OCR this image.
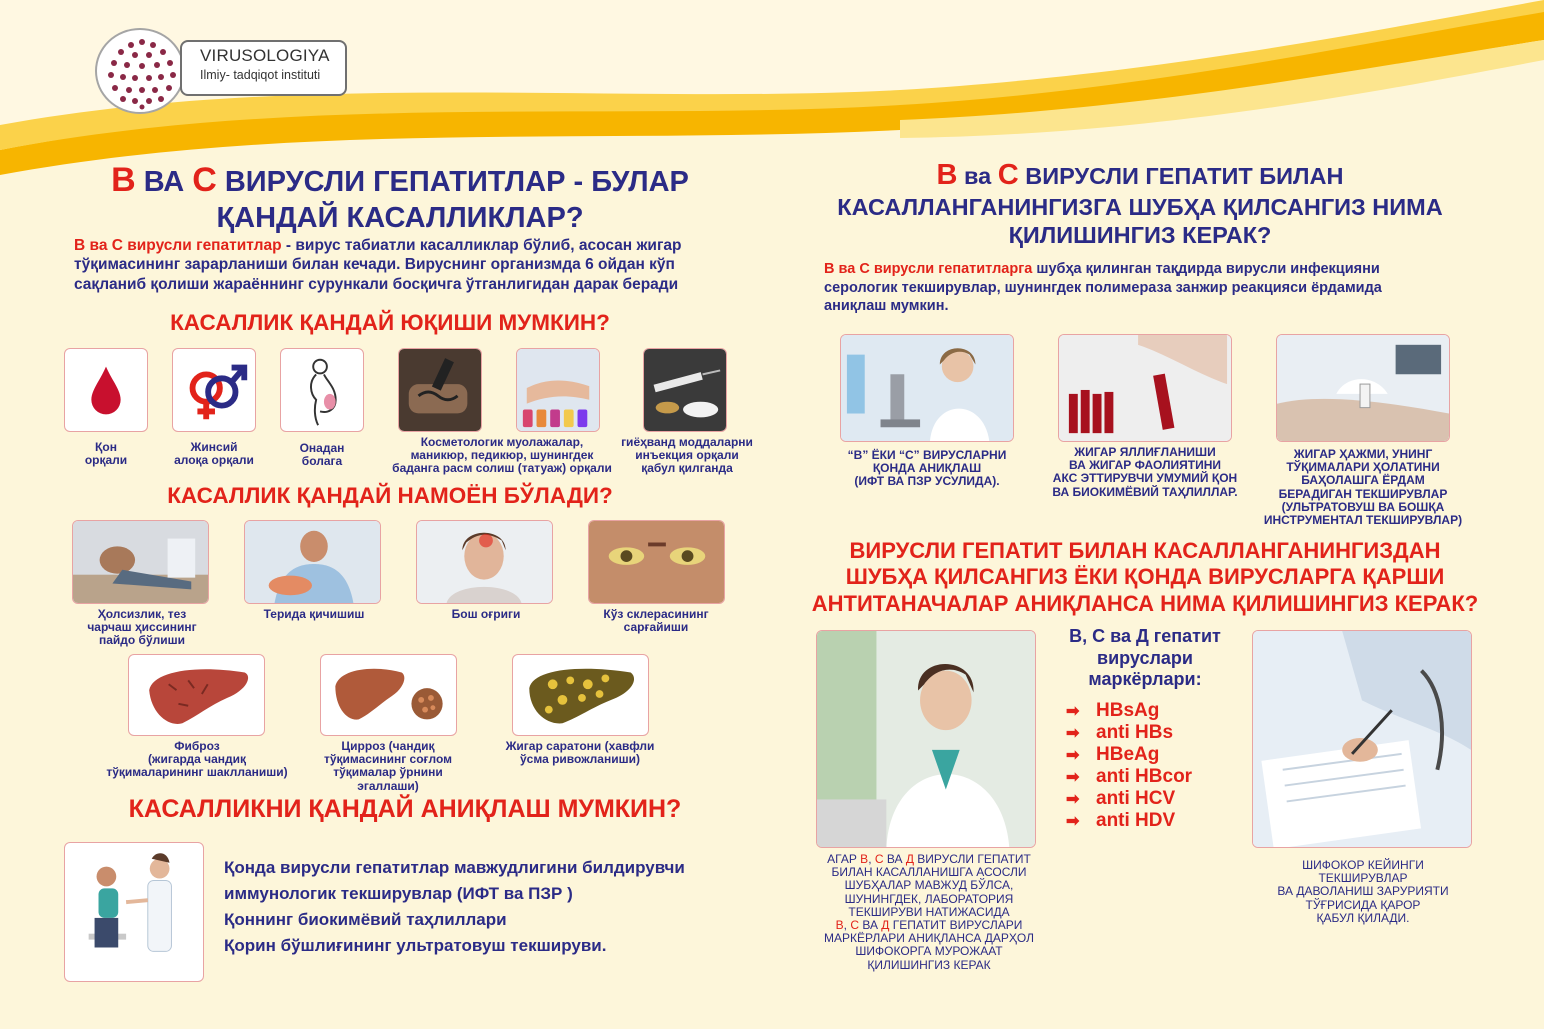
VIRUSOLOGIYA
Ilmiy- tadqiqot instituti
В ВА С ВИРУСЛИ ГЕПАТИТЛАР - БУЛАР
ҚАНДАЙ КАСАЛЛИКЛАР?
В ва С вирусли гепатитлар - вирус табиатли касалликлар бўлиб, асосан жигар
тўқимасининг зарарланиши билан кечади. Вируснинг организмда 6 ойдан кўп
сақланиб қолиши жараённинг сурункали босқичга ўтганлигидан дарак беради
КАСАЛЛИК ҚАНДАЙ ЮҚИШИ МУМКИН?
Қон
орқали
Жинсий
алоқа орқали
Онадан
болага
Косметологик муолажалар,
маникюр, педикюр, шунингдек
баданга расм солиш (татуаж) орқали
гиёҳванд моддаларни
инъекция орқали
қабул қилганда
КАСАЛЛИК ҚАНДАЙ НАМОЁН БЎЛАДИ?
Ҳолсизлик, тез
чарчаш ҳиссининг
пайдо бўлиши
Терида қичишиш	Бош оғриги	Кўз склерасининг
сарғайиши
Фиброз
(жигарда чандиқ
тўқималарининг шаклланиши)
Цирроз (чандиқ
тўқимасининг соғлом
тўқималар ўрнини
эгаллаши)
Жигар саратони (хавфли
ўсма ривожланиши)
КАСАЛЛИКНИ ҚАНДАЙ АНИҚЛАШ МУМКИН?
Қонда вирусли гепатитлар мавжудлигини билдирувчи
иммунологик текширувлар (ИФТ ва ПЗР )
Қоннинг биокимёвий таҳлиллари
Қорин бўшлиғининг ультратовуш текшируви.
В ва С ВИРУСЛИ ГЕПАТИТ БИЛАН
КАСАЛЛАНГАНИНГИЗГА ШУБҲА ҚИЛСАНГИЗ НИМА
ҚИЛИШИНГИЗ КЕРАК?
В ва С вирусли гепатитларга шубҳа қилинган тақдирда вирусли инфекцияни
серологик текширувлар, шунингдек полимераза занжир реакцияси ёрдамида
аниқлаш мумкин.
“В” ЁКИ “С” ВИРУСЛАРНИ
ҚОНДА АНИҚЛАШ
(ИФТ ВА ПЗР УСУЛИДА).
ЖИГАР ЯЛЛИҒЛАНИШИ
ВА ЖИГАР ФАОЛИЯТИНИ
АКС ЭТТИРУВЧИ УМУМИЙ ҚОН
ВА БИОКИМЁВИЙ ТАҲЛИЛЛАР.
ЖИГАР ҲАЖМИ, УНИНГ
ТЎҚИМАЛАРИ ҲОЛАТИНИ
БАҲОЛАШГА ЁРДАМ
БЕРАДИГАН ТЕКШИРУВЛАР
(УЛЬТРАТОВУШ ВА БОШҚА
ИНСТРУМЕНТАЛ ТЕКШИРУВЛАР)
ВИРУСЛИ ГЕПАТИТ БИЛАН КАСАЛЛАНГАНИНГИЗДАН
ШУБҲА ҚИЛСАНГИЗ ЁКИ ҚОНДА ВИРУСЛАРГА ҚАРШИ
АНТИТАНАЧАЛАР АНИҚЛАНСА НИМА ҚИЛИШИНГИЗ КЕРАК?
АГАР В, С ВА Д ВИРУСЛИ ГЕПАТИТ
БИЛАН КАСАЛЛАНИШГА АСОСЛИ
ШУБҲАЛАР МАВЖУД БЎЛСА,
ШУНИНГДЕК, ЛАБОРАТОРИЯ
ТЕКШИРУВИ НАТИЖАСИДА
В, С ВА Д ГЕПАТИТ ВИРУСЛАРИ
МАРКЁРЛАРИ АНИҚЛАНСА ДАРҲОЛ
ШИФОКОРГА МУРОЖААТ
ҚИЛИШИНГИЗ КЕРАК
В, С ва Д гепатит
вируслари
маркёрлари:
➡ HBsAg
➡ anti HBs
➡ HBeAg
➡ anti HBcor
➡ anti HCV
➡ anti HDV
ШИФОКОР КЕЙИНГИ
ТЕКШИРУВЛАР
ВА ДАВОЛАНИШ ЗАРУРИЯТИ
ТЎҒРИСИДА ҚАРОР
ҚАБУЛ ҚИЛАДИ.
